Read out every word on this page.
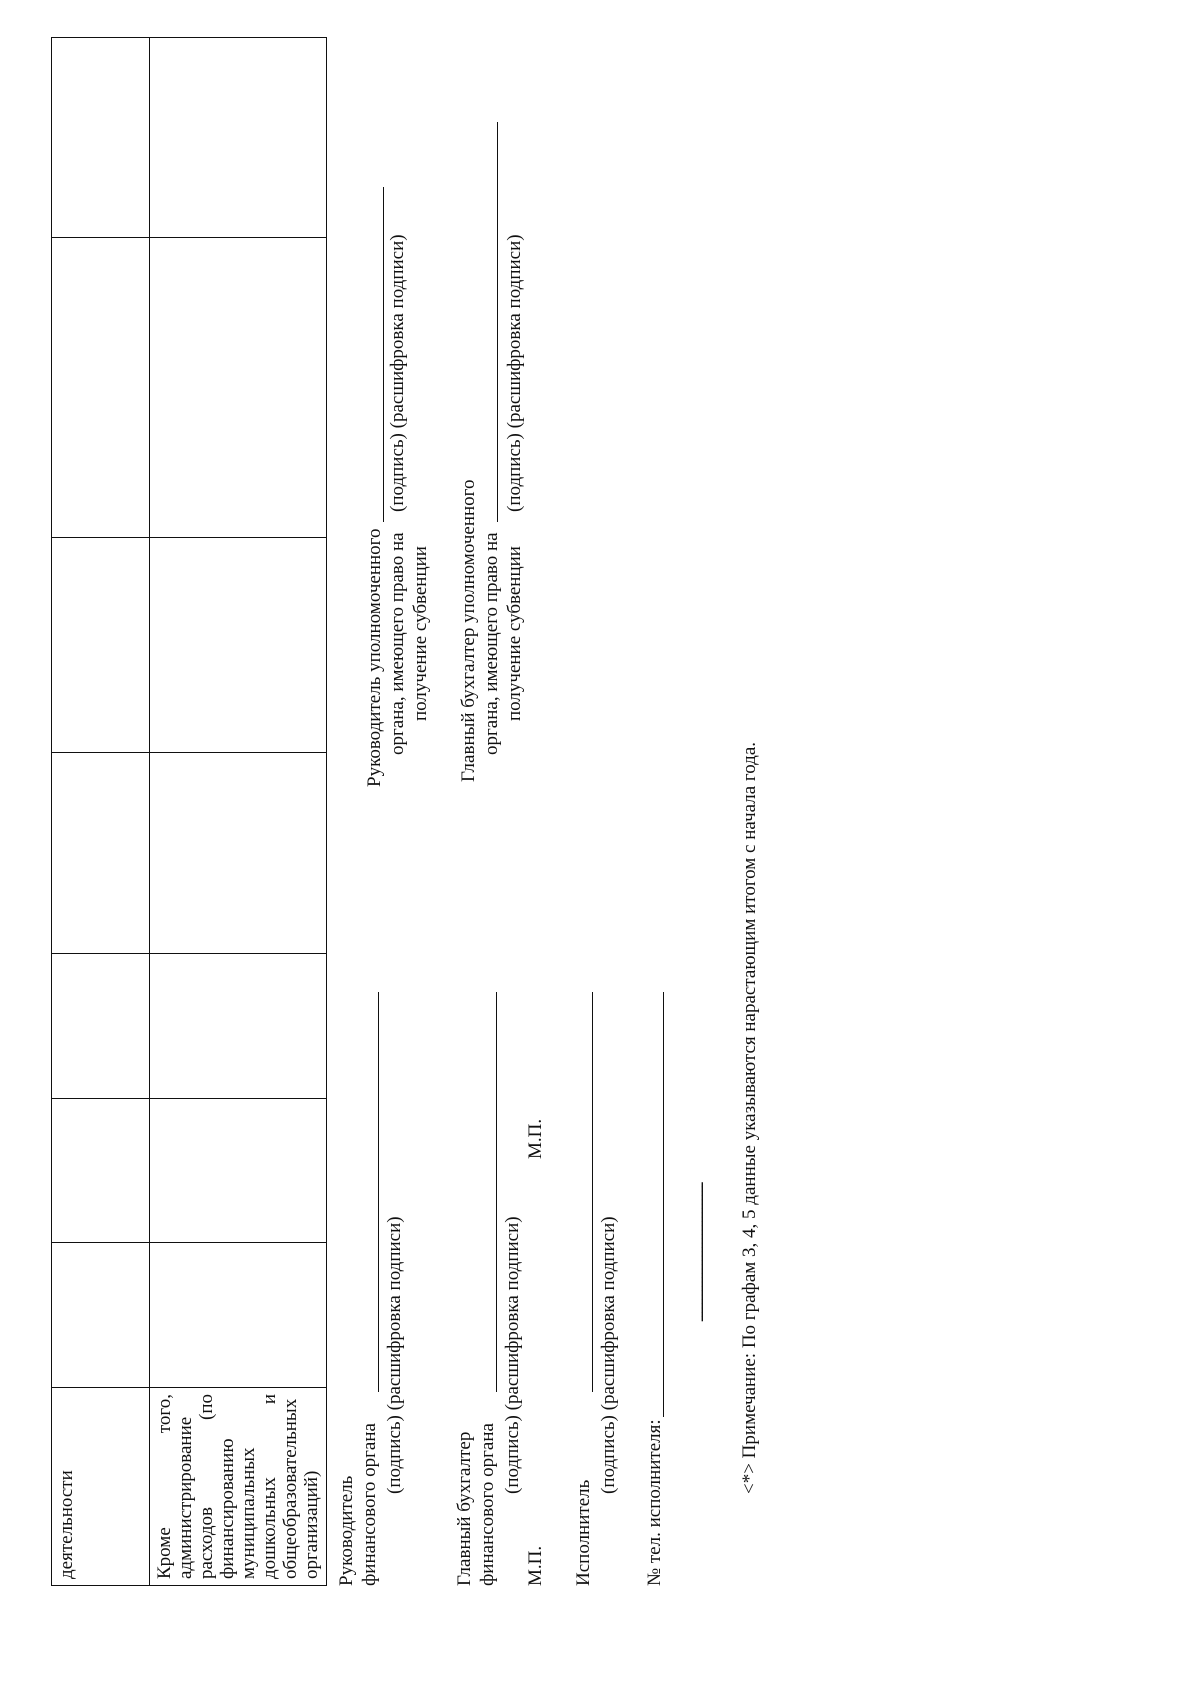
деятельности							

Кроме того, администрирование расходов (по финансированию муниципальных дошкольных и общеобразовательных организаций)							
							Руководитель финансового органа
(подпись) (расшифровка подписи)
Главный бухгалтер финансового органа
(подпись) (расшифровка подписи)
М.П.
М.П.
Исполнитель
(подпись) (расшифровка подписи)
№ тел. исполнителя:
Руководитель уполномоченного органа, имеющего право на получение субвенции
(подпись) (расшифровка подписи)
Главный бухгалтер уполномоченного органа, имеющего право на получение субвенции
(подпись) (расшифровка подписи)
-------------------------------- <*> Примечание: По графам 3, 4, 5 данные указываются нарастающим итогом с начала года.
